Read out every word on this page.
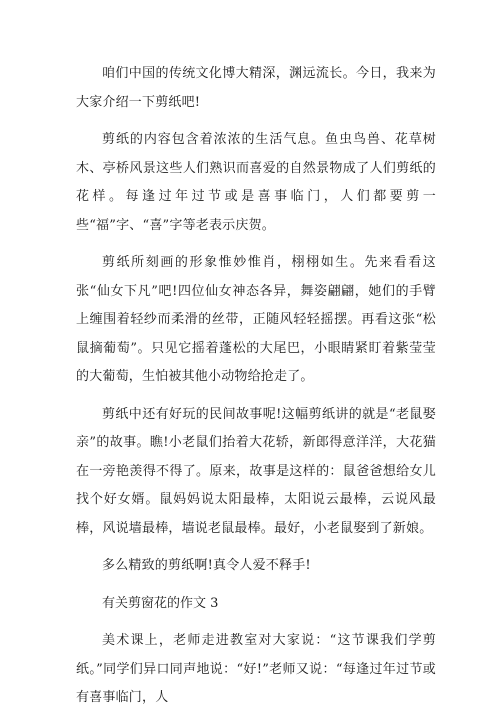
咱们中国的传统文化博大精深，渊远流长。今日，我来为大家介绍一下剪纸吧!

剪纸的内容包含着浓浓的生活气息。鱼虫鸟兽、花草树木、亭桥风景这些人们熟识而喜爱的自然景物成了人们剪纸的花样。每逢过年过节或是喜事临门，人们都要剪一些“福”字、“喜”字等老表示庆贺。

剪纸所刻画的形象惟妙惟肖，栩栩如生。先来看看这张“仙女下凡”吧!四位仙女神态各异，舞姿翩翩，她们的手臂上缠围着轻纱而柔滑的丝带，正随风轻轻摇摆。再看这张“松鼠摘葡萄”。只见它摇着蓬松的大尾巴，小眼睛紧盯着紫莹莹的大葡萄，生怕被其他小动物给抢走了。

剪纸中还有好玩的民间故事呢!这幅剪纸讲的就是“老鼠娶亲”的故事。瞧!小老鼠们抬着大花轿，新郎得意洋洋，大花猫在一旁艳羡得不得了。原来，故事是这样的：鼠爸爸想给女儿找个好女婿。鼠妈妈说太阳最棒，太阳说云最棒，云说风最棒，风说墙最棒，墙说老鼠最棒。最好，小老鼠娶到了新娘。

多么精致的剪纸啊!真令人爱不释手!

有关剪窗花的作文 3

美术课上，老师走进教室对大家说：“这节课我们学剪纸。”同学们异口同声地说：“好!”老师又说：“每逢过年过节或有喜事临门，人
